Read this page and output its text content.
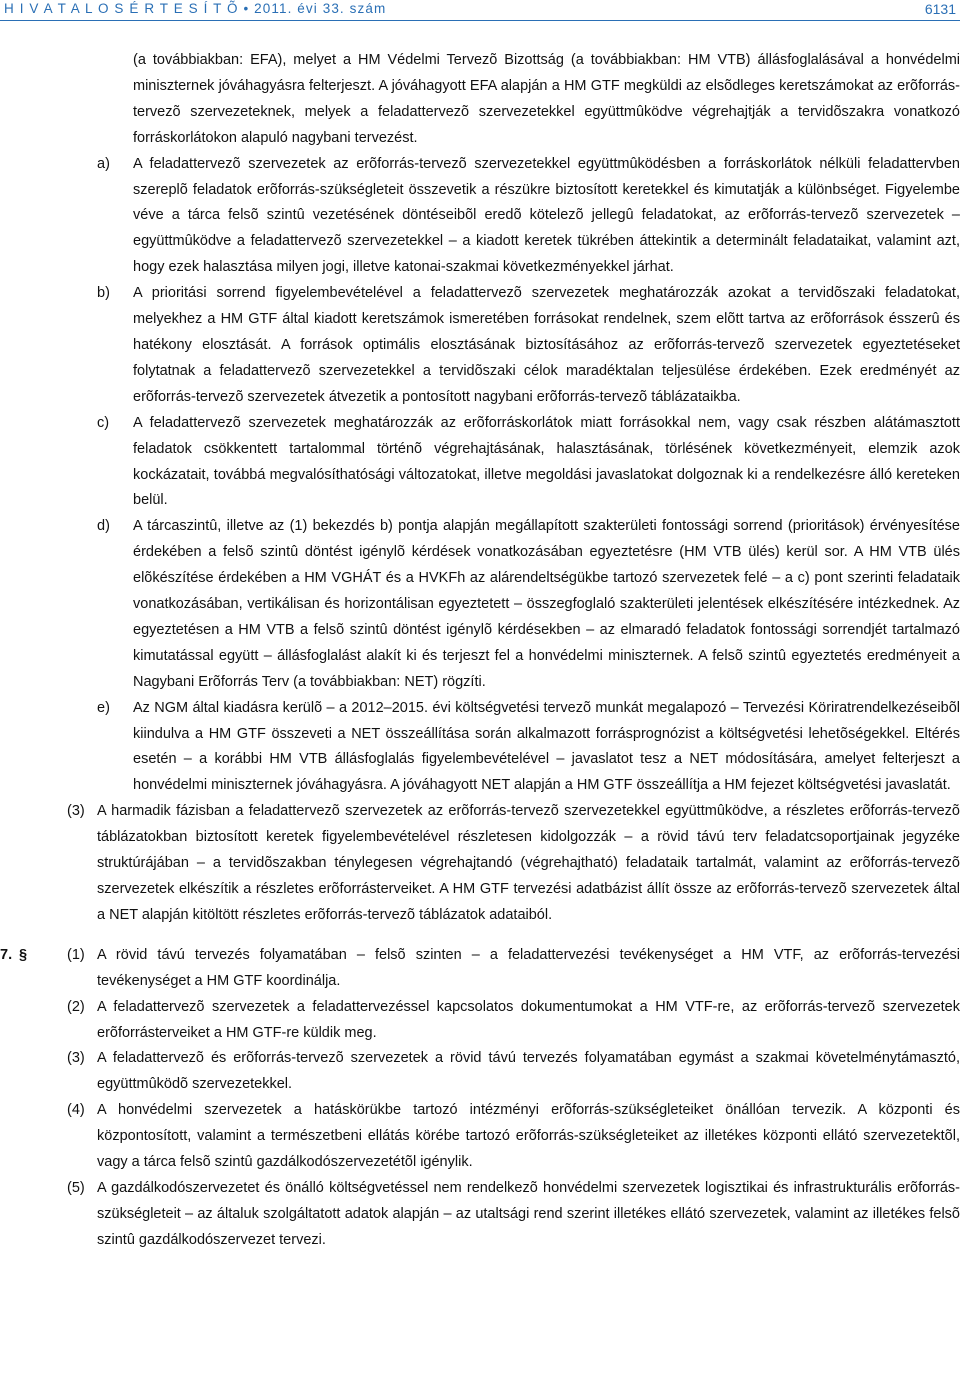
H I V A T A L O S É R T E S Í T Õ • 2011. évi 33. szám	6131

(a továbbiakban: EFA), melyet a HM Védelmi Tervezõ Bizottság (a továbbiakban: HM VTB) állásfoglalásával a honvédelmi miniszternek jóváhagyásra felterjeszt. A jóváhagyott EFA alapján a HM GTF megküldi az elsõdleges keretszámokat az erõforrás-tervezõ szervezeteknek, melyek a feladattervezõ szervezetekkel együttmûködve végrehajtják a tervidõszakra vonatkozó forráskorlátokon alapuló nagybani tervezést.

a) A feladattervezõ szervezetek az erõforrás-tervezõ szervezetekkel együttmûködésben a forráskorlátok nélküli feladattervben szereplõ feladatok erõforrás-szükségleteit összevetik a részükre biztosított keretekkel és kimutatják a különbséget. Figyelembe véve a tárca felsõ szintû vezetésének döntéseibõl eredõ kötelezõ jellegû feladatokat, az erõforrás-tervezõ szervezetek – együttmûködve a feladattervezõ szervezetekkel – a kiadott keretek tükrében áttekintik a determinált feladataikat, valamint azt, hogy ezek halasztása milyen jogi, illetve katonai-szakmai következményekkel járhat.

b) A prioritási sorrend figyelembevételével a feladattervezõ szervezetek meghatározzák azokat a tervidõszaki feladatokat, melyekhez a HM GTF által kiadott keretszámok ismeretében forrásokat rendelnek, szem elõtt tartva az erõforrások ésszerû és hatékony elosztását. A források optimális elosztásának biztosításához az erõforrás-tervezõ szervezetek egyeztetéseket folytatnak a feladattervezõ szervezetekkel a tervidõszaki célok maradéktalan teljesülése érdekében. Ezek eredményét az erõforrás-tervezõ szervezetek átvezetik a pontosított nagybani erõforrás-tervezõ táblázataikba.

c) A feladattervezõ szervezetek meghatározzák az erõforráskorlátok miatt forrásokkal nem, vagy csak részben alátámasztott feladatok csökkentett tartalommal történõ végrehajtásának, halasztásának, törlésének következményeit, elemzik azok kockázatait, továbbá megvalósíthatósági változatokat, illetve megoldási javaslatokat dolgoznak ki a rendelkezésre álló kereteken belül.

d) A tárcaszintû, illetve az (1) bekezdés b) pontja alapján megállapított szakterületi fontossági sorrend (prioritások) érvényesítése érdekében a felsõ szintû döntést igénylõ kérdések vonatkozásában egyeztetésre (HM VTB ülés) kerül sor. A HM VTB ülés elõkészítése érdekében a HM VGHÁT és a HVKFh az alárendeltségükbe tartozó szervezetek felé – a c) pont szerinti feladataik vonatkozásában, vertikálisan és horizontálisan egyeztetett – összegfoglaló szakterületi jelentések elkészítésére intézkednek. Az egyeztetésen a HM VTB a felsõ szintû döntést igénylõ kérdésekben – az elmaradó feladatok fontossági sorrendjét tartalmazó kimutatással együtt – állásfoglalást alakít ki és terjeszt fel a honvédelmi miniszternek. A felsõ szintû egyeztetés eredményeit a Nagybani Erõforrás Terv (a továbbiakban: NET) rögzíti.

e) Az NGM által kiadásra kerülõ – a 2012–2015. évi költségvetési tervezõ munkát megalapozó – Tervezési Köriratrendelkezéseibõl kiindulva a HM GTF összeveti a NET összeállítása során alkalmazott forrásprognózist a költségvetési lehetõségekkel. Eltérés esetén – a korábbi HM VTB állásfoglalás figyelembevételével – javaslatot tesz a NET módosítására, amelyet felterjeszt a honvédelmi miniszternek jóváhagyásra. A jóváhagyott NET alapján a HM GTF összeállítja a HM fejezet költségvetési javaslatát.

(3) A harmadik fázisban a feladattervezõ szervezetek az erõforrás-tervezõ szervezetekkel együttmûködve, a részletes erõforrás-tervezõ táblázatokban biztosított keretek figyelembevételével részletesen kidolgozzák – a rövid távú terv feladatcsoportjainak jegyzéke struktúrájában – a tervidõszakban ténylegesen végrehajtandó (végrehajtható) feladataik tartalmát, valamint az erõforrás-tervezõ szervezetek elkészítik a részletes erõforrásterveiket. A HM GTF tervezési adatbázist állít össze az erõforrás-tervezõ szervezetek által a NET alapján kitöltött részletes erõforrás-tervezõ táblázatok adataiból.

7. §	(1) A rövid távú tervezés folyamatában – felsõ szinten – a feladattervezési tevékenységet a HM VTF, az erõforrás-tervezési tevékenységet a HM GTF koordinálja.

(2) A feladattervezõ szervezetek a feladattervezéssel kapcsolatos dokumentumokat a HM VTF-re, az erõforrás-tervezõ szervezetek erõforrásterveiket a HM GTF-re küldik meg.

(3) A feladattervezõ és erõforrás-tervezõ szervezetek a rövid távú tervezés folyamatában egymást a szakmai követelménytámasztó, együttmûködõ szervezetekkel.

(4) A honvédelmi szervezetek a hatáskörükbe tartozó intézményi erõforrás-szükségleteiket önállóan tervezik. A központi és központosított, valamint a természetbeni ellátás körébe tartozó erõforrás-szükségleteiket az illetékes központi ellátó szervezetektõl, vagy a tárca felsõ szintû gazdálkodószervezetétõl igénylik.

(5) A gazdálkodószervezetet és önálló költségvetéssel nem rendelkezõ honvédelmi szervezetek logisztikai és infrastrukturális erõforrás-szükségleteit – az általuk szolgáltatott adatok alapján – az utaltsági rend szerint illetékes ellátó szervezetek, valamint az illetékes felsõ szintû gazdálkodószervezet tervezi.
